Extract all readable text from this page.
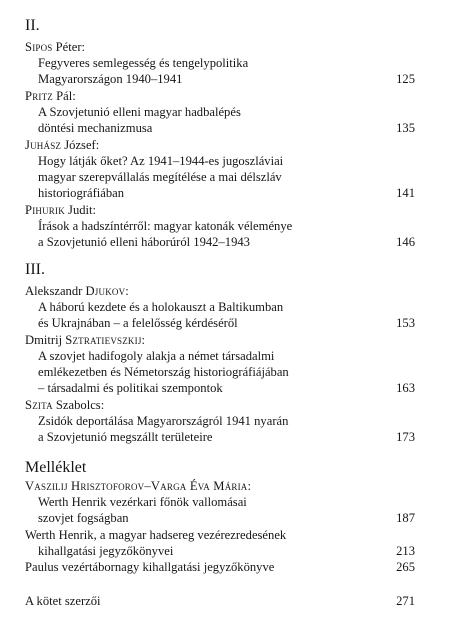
II.
Sipos Péter:
Fegyveres semlegesség és tengelypolitika
Magyarországon 1940–1941	125
Pritz Pál:
A Szovjetunió elleni magyar hadbalépés
döntési mechanizmusa	135
Juhász József:
Hogy látják őket? Az 1941–1944-es jugoszláviai
magyar szerepvállalás megítélése a mai délszláv
historiográfiában	141
Pihurik Judit:
Írások a hadszíntérről: magyar katonák véleménye
a Szovjetunió elleni háborúról 1942–1943	146
III.
Alekszandr Djukov:
A háború kezdete és a holokauszt a Baltikumban
és Ukrajnában – a felelősség kérdéséről	153
Dmitrij Sztratievszkij:
A szovjet hadifogoly alakja a német társadalmi
emlékezetben és Németország historiográfiájában
– társadalmi és politikai szempontok	163
Szita Szabolcs:
Zsidók deportálása Magyarországról 1941 nyarán
a Szovjetunió megszállt területeire	173
Melléklet
Vaszilij Hrisztoforov–Varga Éva Mária:
Werth Henrik vezérkari főnök vallomásai
szovjet fogságban	187
Werth Henrik, a magyar hadsereg vezérezredesének
kihallgatási jegyzőkönyvei	213
Paulus vezértábornagy kihallgatási jegyzőkönyve	265
A kötet szerzői	271
